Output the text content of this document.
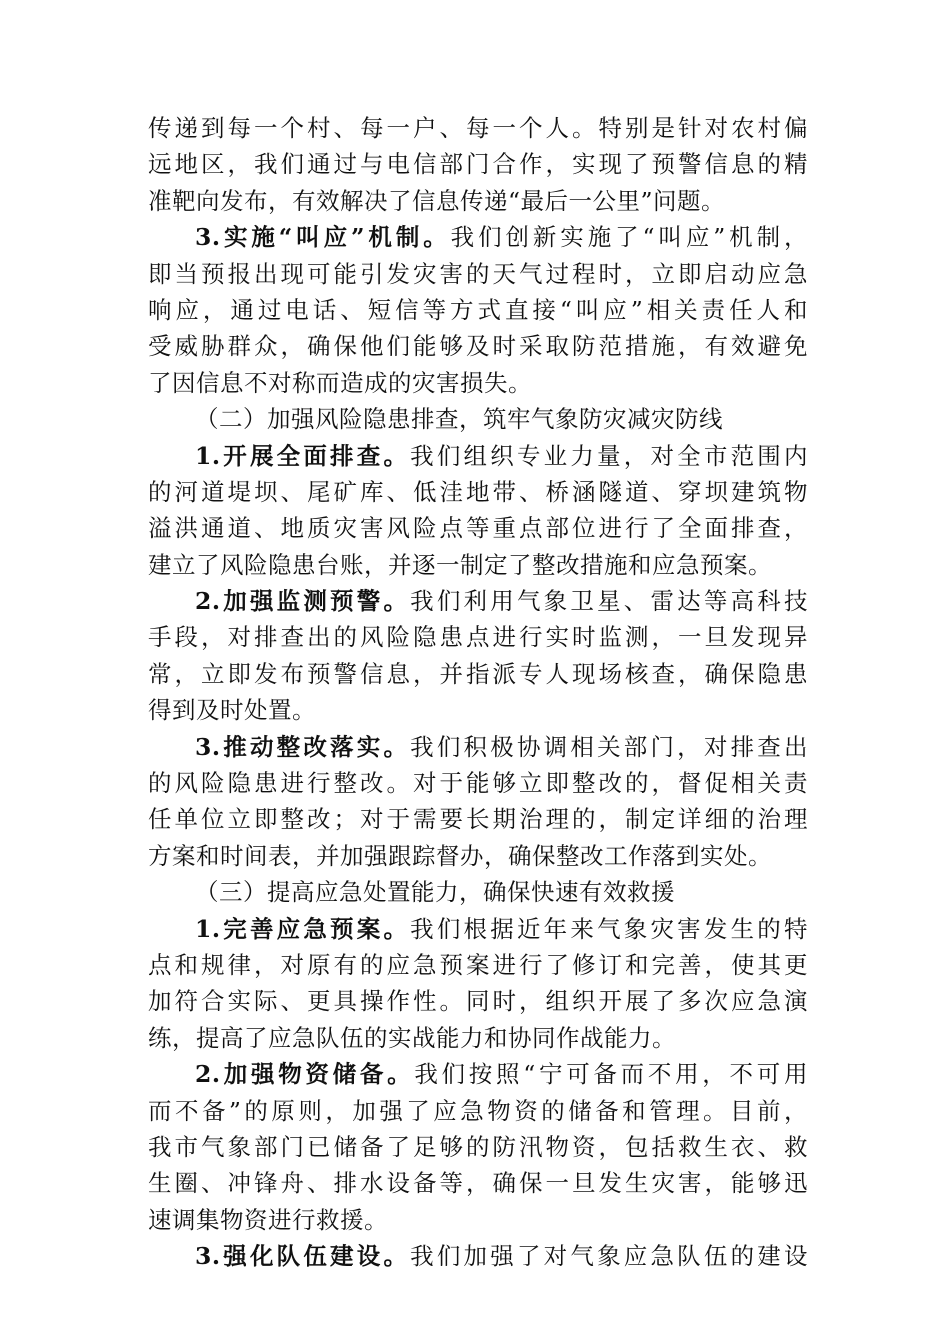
传递到每一个村、每一户、每一个人。特别是针对农村偏
远地区，我们通过与电信部门合作，实现了预警信息的精
准靶向发布，有效解决了信息传递“最后一公里”问题。
3.实施“叫应”机制。我们创新实施了“叫应”机制，
即当预报出现可能引发灾害的天气过程时，立即启动应急
响应，通过电话、短信等方式直接“叫应”相关责任人和
受威胁群众，确保他们能够及时采取防范措施，有效避免
了因信息不对称而造成的灾害损失。
（二）加强风险隐患排查，筑牢气象防灾减灾防线
1.开展全面排查。我们组织专业力量，对全市范围内
的河道堤坝、尾矿库、低洼地带、桥涵隧道、穿坝建筑物
溢洪通道、地质灾害风险点等重点部位进行了全面排查，
建立了风险隐患台账，并逐一制定了整改措施和应急预案。
2.加强监测预警。我们利用气象卫星、雷达等高科技
手段，对排查出的风险隐患点进行实时监测，一旦发现异
常，立即发布预警信息，并指派专人现场核查，确保隐患
得到及时处置。
3.推动整改落实。我们积极协调相关部门，对排查出
的风险隐患进行整改。对于能够立即整改的，督促相关责
任单位立即整改；对于需要长期治理的，制定详细的治理
方案和时间表，并加强跟踪督办，确保整改工作落到实处。
（三）提高应急处置能力，确保快速有效救援
1.完善应急预案。我们根据近年来气象灾害发生的特
点和规律，对原有的应急预案进行了修订和完善，使其更
加符合实际、更具操作性。同时，组织开展了多次应急演
练，提高了应急队伍的实战能力和协同作战能力。
2.加强物资储备。我们按照“宁可备而不用，不可用
而不备”的原则，加强了应急物资的储备和管理。目前，
我市气象部门已储备了足够的防汛物资，包括救生衣、救
生圈、冲锋舟、排水设备等，确保一旦发生灾害，能够迅
速调集物资进行救援。
3.强化队伍建设。我们加强了对气象应急队伍的建设
